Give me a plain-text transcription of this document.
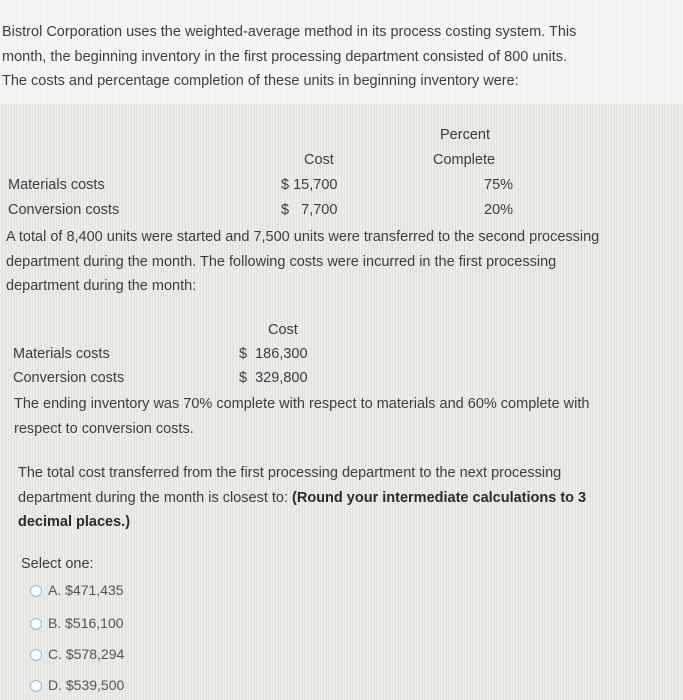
Bistrol Corporation uses the weighted-average method in its process costing system. This
month, the beginning inventory in the first processing department consisted of 800 units.
The costs and percentage completion of these units in beginning inventory were:
Percent
Cost	Complete
Materials costs	$ 15,700	75%
Conversion costs	$   7,700	20%
A total of 8,400 units were started and 7,500 units were transferred to the second processing
department during the month. The following costs were incurred in the first processing
department during the month:
Cost
Materials costs	$  186,300
Conversion costs	$  329,800
The ending inventory was 70% complete with respect to materials and 60% complete with
respect to conversion costs.
The total cost transferred from the first processing department to the next processing
department during the month is closest to: (Round your intermediate calculations to 3
decimal places.)
Select one:
A. $471,435
B. $516,100
C. $578,294
D. $539,500
